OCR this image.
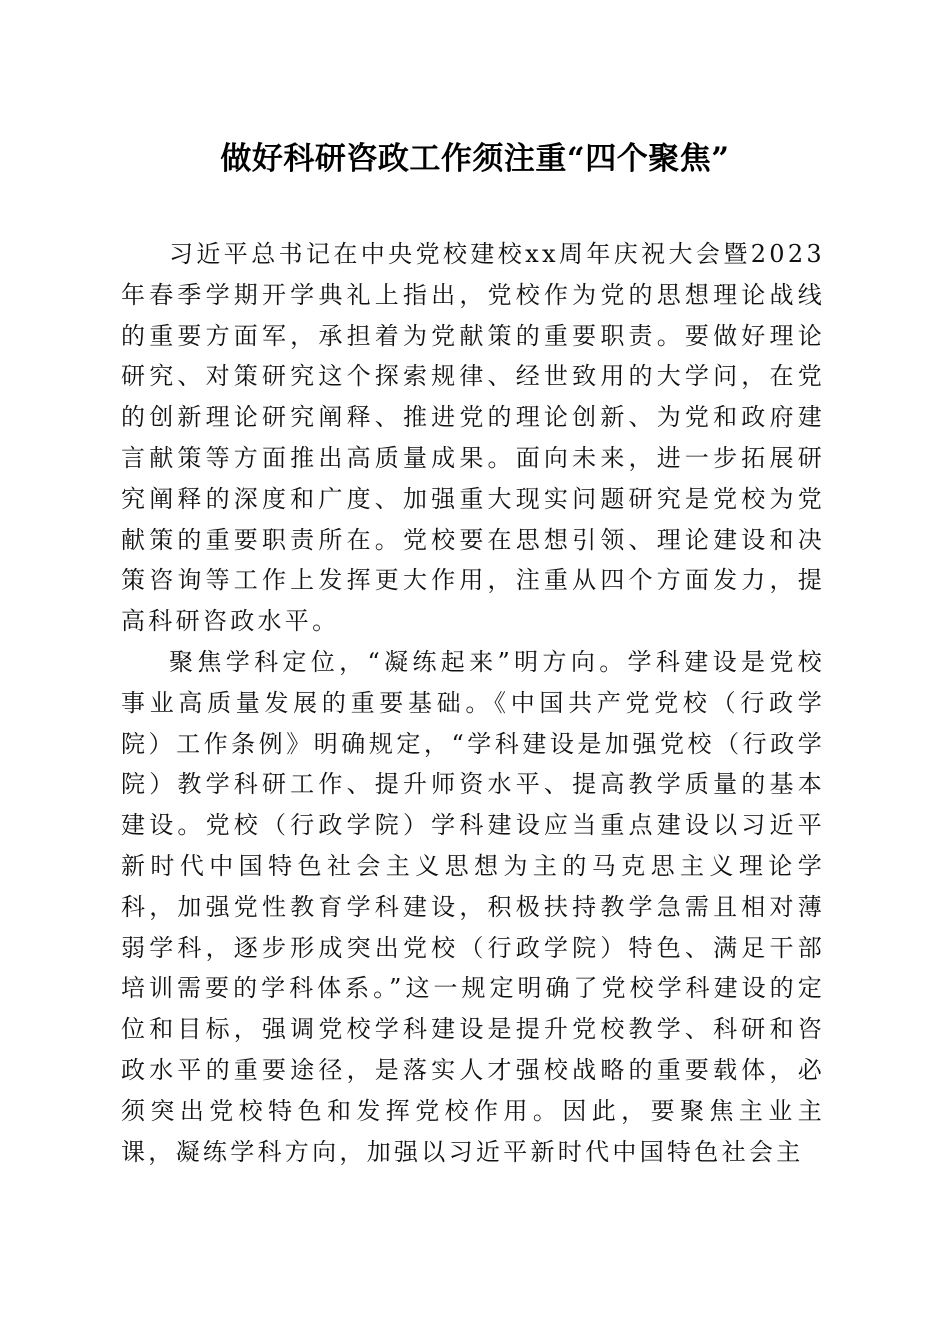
做好科研咨政工作须注重“四个聚焦”

习近平总书记在中央党校建校xx周年庆祝大会暨2023年春季学期开学典礼上指出，党校作为党的思想理论战线的重要方面军，承担着为党献策的重要职责。要做好理论研究、对策研究这个探索规律、经世致用的大学问，在党的创新理论研究阐释、推进党的理论创新、为党和政府建言献策等方面推出高质量成果。面向未来，进一步拓展研究阐释的深度和广度、加强重大现实问题研究是党校为党献策的重要职责所在。党校要在思想引领、理论建设和决策咨询等工作上发挥更大作用，注重从四个方面发力，提高科研咨政水平。

聚焦学科定位，“凝练起来”明方向。学科建设是党校事业高质量发展的重要基础。《中国共产党党校（行政学院）工作条例》明确规定，“学科建设是加强党校（行政学院）教学科研工作、提升师资水平、提高教学质量的基本建设。党校（行政学院）学科建设应当重点建设以习近平新时代中国特色社会主义思想为主的马克思主义理论学科，加强党性教育学科建设，积极扶持教学急需且相对薄弱学科，逐步形成突出党校（行政学院）特色、满足干部培训需要的学科体系。”这一规定明确了党校学科建设的定位和目标，强调党校学科建设是提升党校教学、科研和咨政水平的重要途径，是落实人才强校战略的重要载体，必须突出党校特色和发挥党校作用。因此，要聚焦主业主课，凝练学科方向，加强以习近平新时代中国特色社会主
